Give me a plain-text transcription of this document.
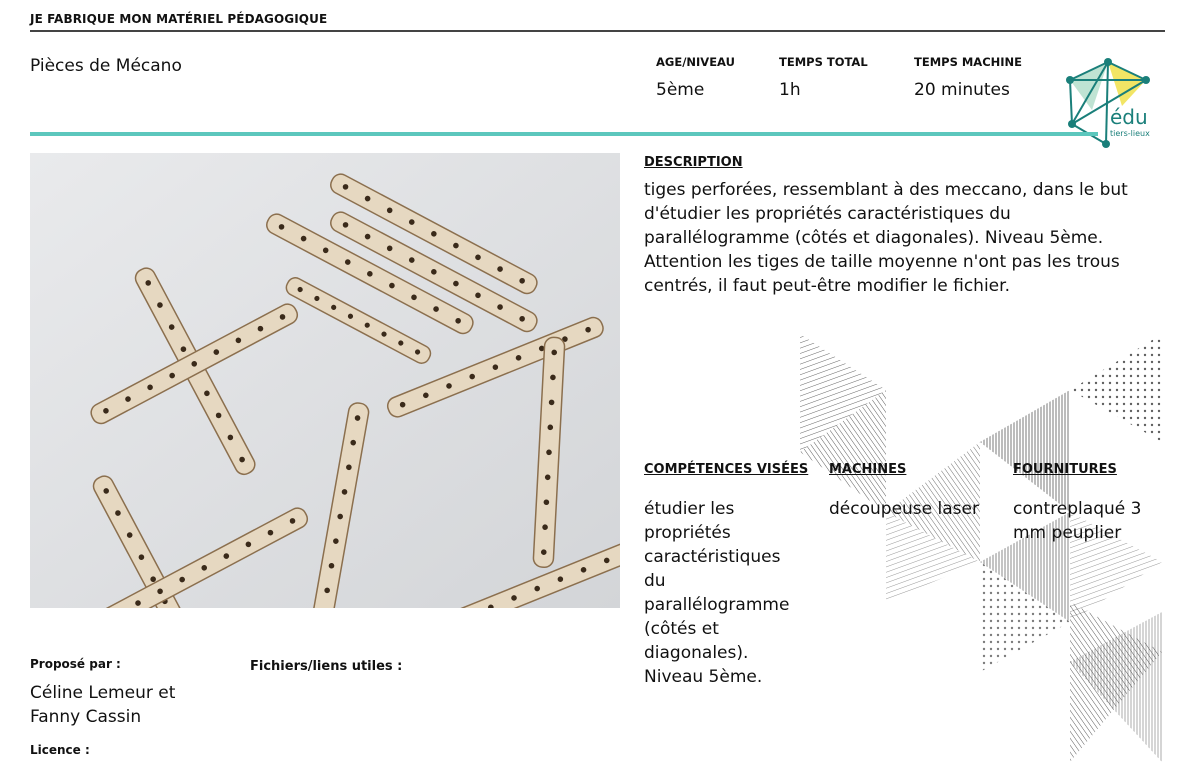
JE FABRIQUE MON MATÉRIEL PÉDAGOGIQUE
Pièces de Mécano	AGE/NIVEAU
5ème
TEMPS TOTAL
1h
TEMPS MACHINE
20 minutes
édu
tiers-lieux
DESCRIPTION
tiges perforées, ressemblant à des meccano, dans le but d'étudier les propriétés caractéristiques du parallélogramme (côtés et diagonales). Niveau 5ème. Attention les tiges de taille moyenne n'ont pas les trous centrés, il faut peut-être modifier le fichier.
COMPÉTENCES VISÉES
étudier les propriétés caractéristiques du parallélogramme (côtés et diagonales). Niveau 5ème.
MACHINES
découpeuse laser
FOURNITURES
contreplaqué 3 mm peuplier
Proposé par :
Céline Lemeur et Fanny Cassin
Fichiers/liens utiles :
Licence :
